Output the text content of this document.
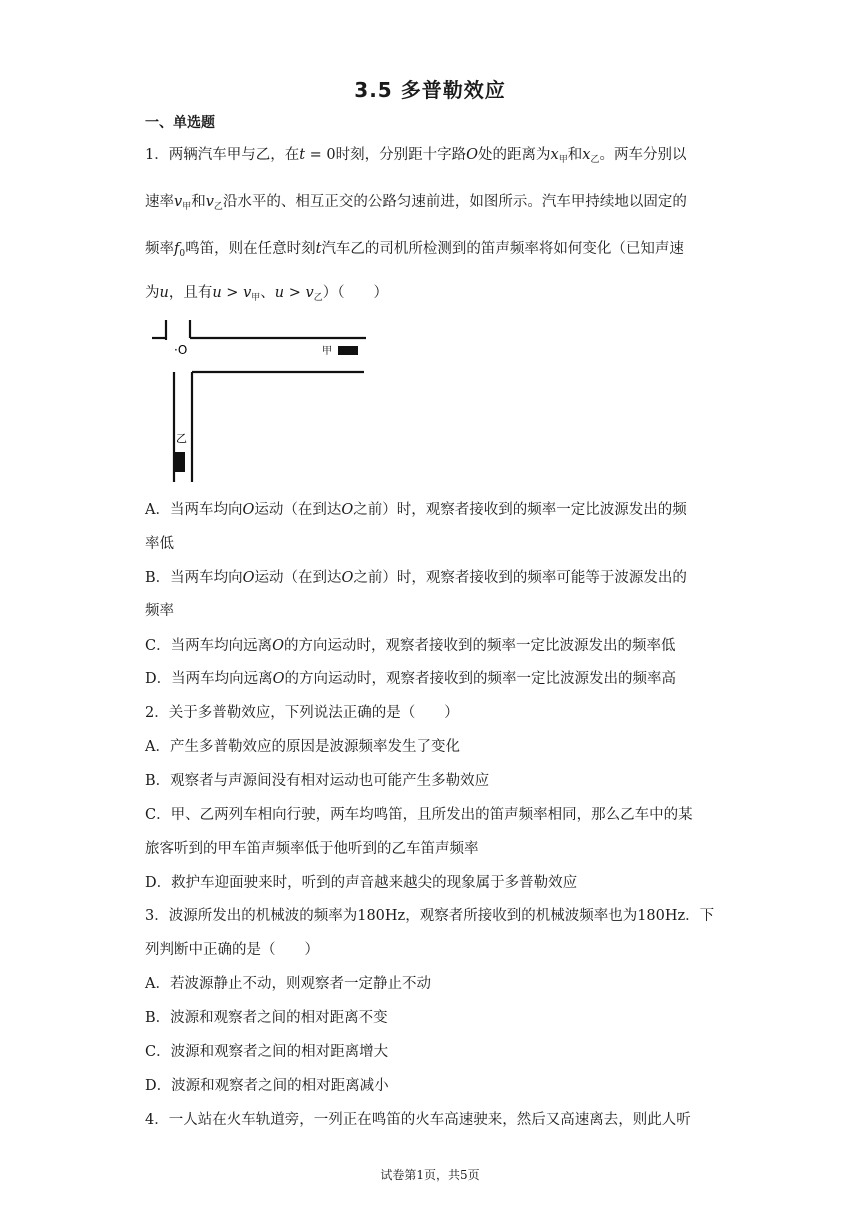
3.5 多普勒效应
一、单选题
1．两辆汽车甲与乙，在t = 0时刻，分别距十字路O处的距离为$x_甲$和$x_乙$。两车分别以
速率$v_甲$和$v_乙$沿水平的、相互正交的公路匀速前进，如图所示。汽车甲持续地以固定的
频率$f_0$鸣笛，则在任意时刻t汽车乙的司机所检测到的笛声频率将如何变化（已知声速
为u，且有$u > v_甲$、$u > v_乙$）（　　）
·O	甲
乙
A．当两车均向O运动（在到达O之前）时，观察者接收到的频率一定比波源发出的频
率低
B．当两车均向O运动（在到达O之前）时，观察者接收到的频率可能等于波源发出的
频率
C．当两车均向远离O的方向运动时，观察者接收到的频率一定比波源发出的频率低
D．当两车均向远离O的方向运动时，观察者接收到的频率一定比波源发出的频率高
2．关于多普勒效应，下列说法正确的是（　　）
A．产生多普勒效应的原因是波源频率发生了变化
B．观察者与声源间没有相对运动也可能产生多勒效应
C．甲、乙两列车相向行驶，两车均鸣笛，且所发出的笛声频率相同，那么乙车中的某
旅客听到的甲车笛声频率低于他听到的乙车笛声频率
D．救护车迎面驶来时，听到的声音越来越尖的现象属于多普勒效应
3．波源所发出的机械波的频率为180Hz，观察者所接收到的机械波频率也为180Hz．下
列判断中正确的是（　　）
A．若波源静止不动，则观察者一定静止不动
B．波源和观察者之间的相对距离不变
C．波源和观察者之间的相对距离增大
D．波源和观察者之间的相对距离减小
4．一人站在火车轨道旁，一列正在鸣笛的火车高速驶来，然后又高速离去，则此人听
试卷第1页，共5页
